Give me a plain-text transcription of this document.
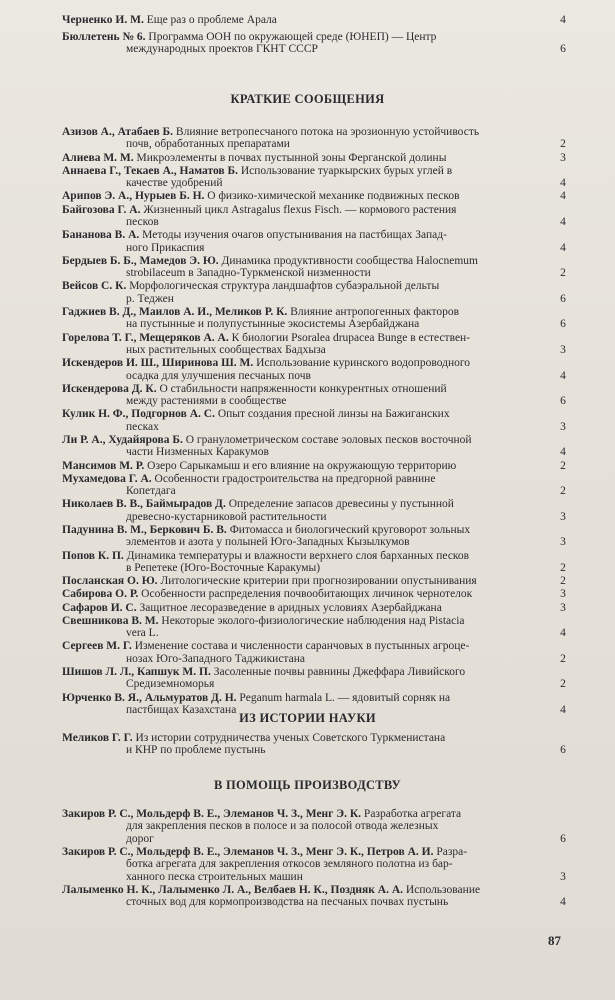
Черненко И. М. Еще раз о проблеме Арала	4
Бюллетень № 6. Программа ООН по окружающей среде (ЮНЕП) — Центр
международных проектов ГКНТ СССР	6
КРАТКИЕ СООБЩЕНИЯ
Азизов А., Атабаев Б. Влияние ветропесчаного потока на эрозионную устойчивость
почв, обработанных препаратами	2
Алиева М. М. Микроэлементы в почвах пустынной зоны Ферганской долины	3
Аннаева Г., Текаев А., Наматов Б. Использование туаркырских бурых углей в
качестве удобрений	4
Арипов Э. А., Нурыев Б. Н. О физико-химической механике подвижных песков	4
Байгозова Г. А. Жизненный цикл Astragalus flexus Fisch. — кормового растения
песков	4
Бананова В. А. Методы изучения очагов опустынивания на пастбищах Запад-
ного Прикаспия	4
Бердыев Б. Б., Мамедов Э. Ю. Динамика продуктивности сообщества Halocnemum
strobilaceum в Западно-Туркменской низменности	2
Вейсов С. К. Морфологическая структура ландшафтов субаэральной дельты
р. Теджен	6
Гаджиев В. Д., Маилов А. И., Меликов Р. К. Влияние антропогенных факторов
на пустынные и полупустынные экосистемы Азербайджана	6
Горелова Т. Г., Мещеряков А. А. К биологии Psoralea drupacea Bunge в естествен-
ных растительных сообществах Бадхыза	3
Искендеров И. Ш., Ширинова Ш. М. Использование куринского водопроводного
осадка для улучшения песчаных почв	4
Искендерова Д. К. О стабильности напряженности конкурентных отношений
между растениями в сообществе	6
Кулик Н. Ф., Подгорнов А. С. Опыт создания пресной линзы на Бажиганских
песках	3
Ли Р. А., Худайярова Б. О гранулометрическом составе эоловых песков восточной
части Низменных Каракумов	4
Мансимов М. Р. Озеро Сарыкамыш и его влияние на окружающую территорию	2
Мухамедова Г. А. Особенности градостроительства на предгорной равнине
Копетдага	2
Николаев В. В., Баймырадов Д. Определение запасов древесины у пустынной
древесно-кустарниковой растительности	3
Падунина В. М., Беркович Б. В. Фитомасса и биологический круговорот зольных
элементов и азота у полыней Юго-Западных Кызылкумов	3
Попов К. П. Динамика температуры и влажности верхнего слоя барханных песков
в Репетеке (Юго-Восточные Каракумы)	2
Посланская О. Ю. Литологические критерии при прогнозировании опустынивания	2
Сабирова О. Р. Особенности распределения почвообитающих личинок чернотелок	3
Сафаров И. С. Защитное лесоразведение в аридных условиях Азербайджана	3
Свешникова В. М. Некоторые эколого-физиологические наблюдения над Pistacia
vera L.	4
Сергеев М. Г. Изменение состава и численности саранчовых в пустынных агроце-
нозах Юго-Западного Таджикистана	2
Шишов Л. Л., Капшук М. П. Засоленные почвы равнины Джеффара Ливийского
Средиземноморья	2
Юрченко В. Я., Альмуратов Д. Н. Peganum harmala L. — ядовитый сорняк на
пастбищах Казахстана	4
ИЗ ИСТОРИИ НАУКИ
Меликов Г. Г. Из истории сотрудничества ученых Советского Туркменистана
и КНР по проблеме пустынь	6
В ПОМОЩЬ ПРОИЗВОДСТВУ
Закиров Р. С., Мольдерф В. Е., Элеманов Ч. З., Менг Э. К. Разработка агрегата
для закрепления песков в полосе и за полосой отвода железных
дорог	6
Закиров Р. С., Мольдерф В. Е., Элеманов Ч. З., Менг Э. К., Петров А. И. Разра-
ботка агрегата для закрепления откосов земляного полотна из бар-
ханного песка строительных машин	3
Лалыменко Н. К., Лалыменко Л. А., Велбаев Н. К., Поздняк А. А. Использование
сточных вод для кормопроизводства на песчаных почвах пустынь	4
87
